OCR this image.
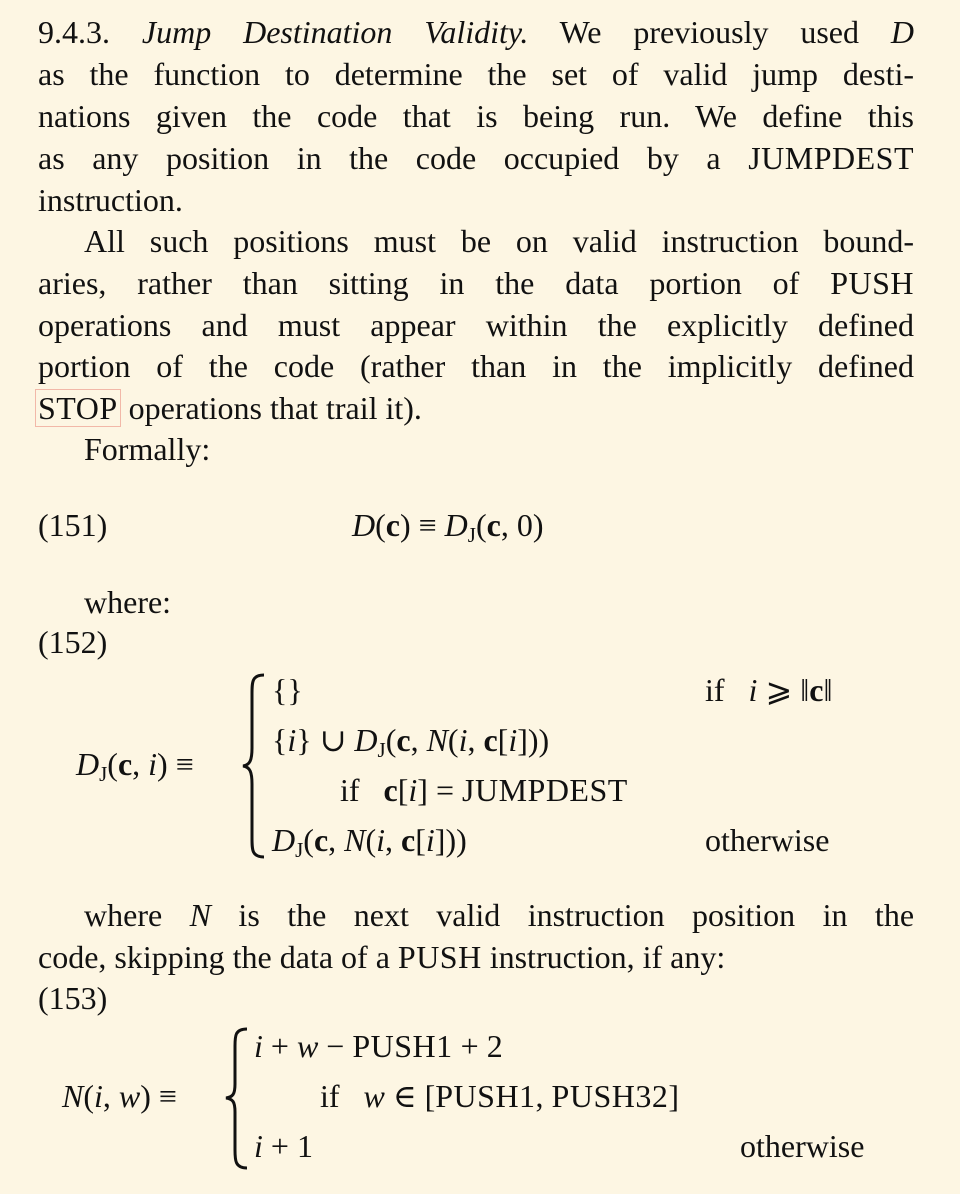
9.4.3. Jump Destination Validity. We previously used D
as the function to determine the set of valid jump desti-
nations given the code that is being run. We define this
as any position in the code occupied by a JUMPDEST
instruction.
All such positions must be on valid instruction bound-
aries, rather than sitting in the data portion of PUSH
operations and must appear within the explicitly defined
portion of the code (rather than in the implicitly defined
STOP operations that trail it).
Formally:
(151)	D(c) ≡ DJ(c, 0)
where:
(152)
DJ(c, i) ≡
{}	if i ⩾ ‖c‖
{i} ∪ DJ(c, N(i, c[i]))
if c[i] = JUMPDEST
DJ(c, N(i, c[i]))	otherwise
where N is the next valid instruction position in the
code, skipping the data of a PUSH instruction, if any:
(153)
N(i, w) ≡
i + w − PUSH1 + 2
if w ∈ [PUSH1, PUSH32]
i + 1	otherwise
